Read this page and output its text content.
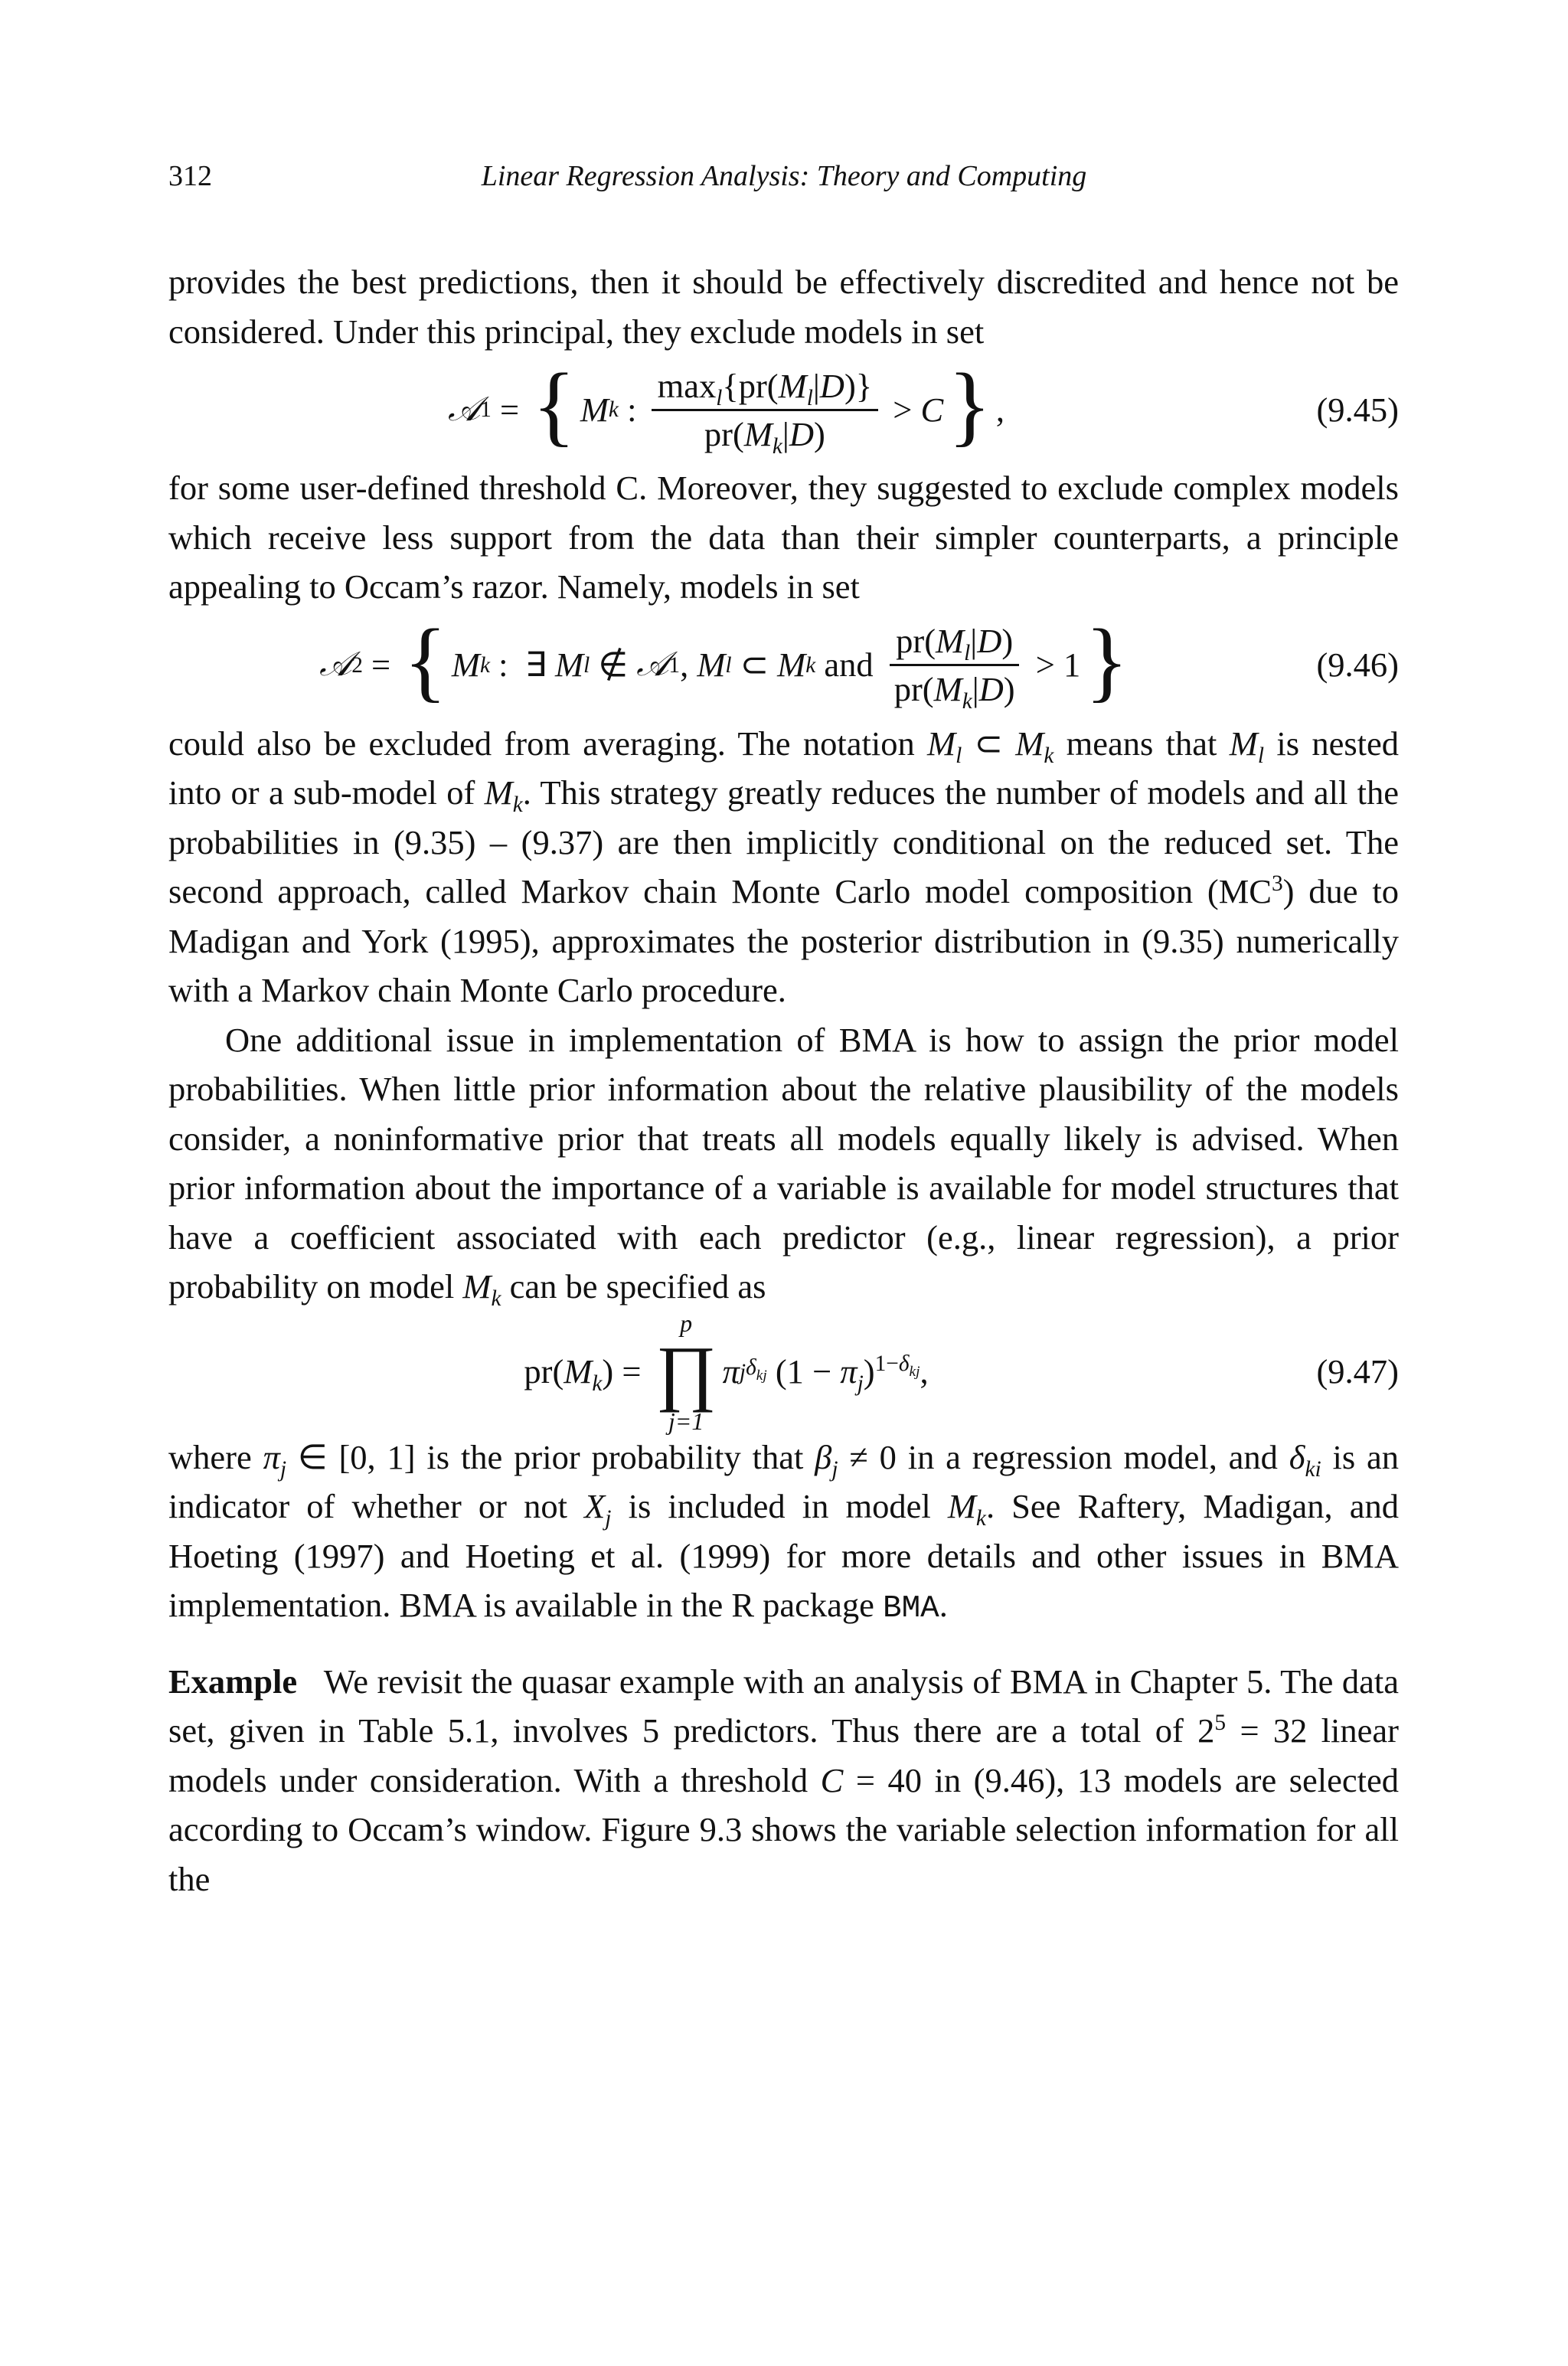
312	Linear Regression Analysis: Theory and Computing

provides the best predictions, then it should be effectively discredited and hence not be considered. Under this principal, they exclude models in set

𝒜 1 = { M k : $\frac{\max_l\{pr(M_l|D)\}}{pr(M_k|D)} > C$ } ,	(9.45)

for some user-defined threshold C. Moreover, they suggested to exclude complex models which receive less support from the data than their simpler counterparts, a principle appealing to Occam’s razor. Namely, models in set

𝒜 2 = { M k :  ∃ M l ∉ 𝒜 1 , M l ⊂ M k
and
$\frac{pr(M_l|D)}{pr(M_k|D)} > 1$ }	(9.46)

could also be excluded from averaging. The notation $M_l$ ⊂ $M_k$ means that $M_l$ is nested into or a sub-model of $M_k$. This strategy greatly reduces the number of models and all the probabilities in (9.35) – (9.37) are then implicitly conditional on the reduced set. The second approach, called Markov chain Monte Carlo model composition $(MC^3)$ due to Madigan and York (1995), approximates the posterior distribution in (9.35) numerically with a Markov chain Monte Carlo procedure.

One additional issue in implementation of BMA is how to assign the prior model probabilities. When little prior information about the relative plausibility of the models consider, a noninformative prior that treats all models equally likely is advised. When prior information about the importance of a variable is available for model structures that have a coefficient associated with each predictor (e.g., linear regression), a prior probability on model $M_k$ can be specified as

$pr(M_k)$ =
p
∏
j=1
π j $\delta_{kj}$ $(1 - \pi_j)^{1-\delta_{kj}}$,	(9.47)

where $\pi_j$ ∈ [0, 1] is the prior probability that $\beta_j \ne 0$ in a regression model, and $\delta_{ki}$ is an indicator of whether or not $X_j$ is included in model $M_k$. See Raftery, Madigan, and Hoeting (1997) and Hoeting et al. (1999) for more details and other issues in BMA implementation. BMA is available in the R package BMA.

Example We revisit the quasar example with an analysis of BMA in Chapter 5. The data set, given in Table 5.1, involves 5 predictors. Thus there are a total of $2^5 = 32$ linear models under consideration. With a threshold C = 40 in (9.46), 13 models are selected according to Occam’s window. Figure 9.3 shows the variable selection information for all the
